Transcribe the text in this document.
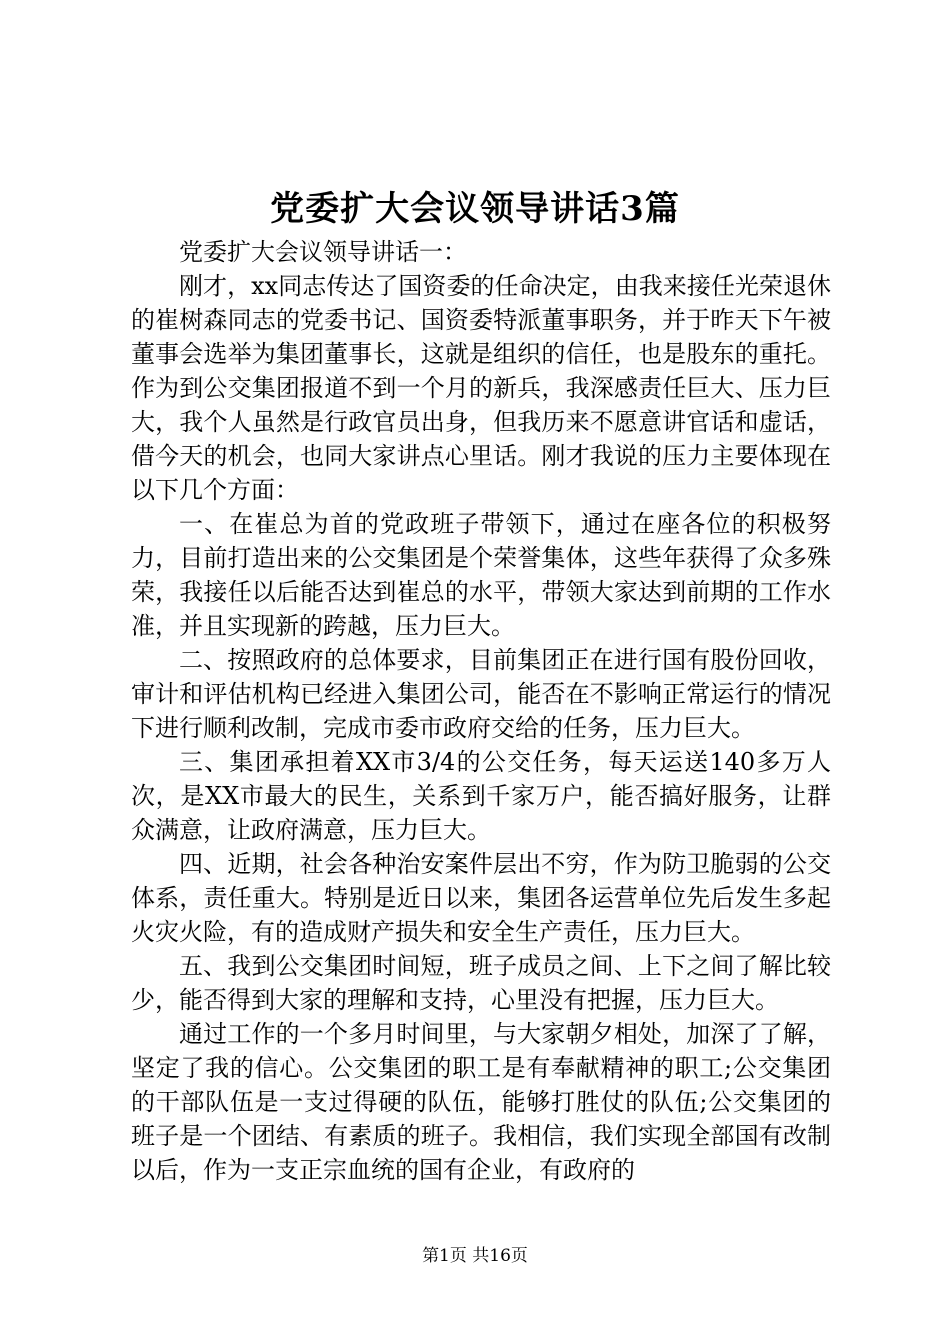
党委扩大会议领导讲话3篇

党委扩大会议领导讲话一：

刚才，xx同志传达了国资委的任命决定，由我来接任光荣退休的崔树森同志的党委书记、国资委特派董事职务，并于昨天下午被董事会选举为集团董事长，这就是组织的信任，也是股东的重托。作为到公交集团报道不到一个月的新兵，我深感责任巨大、压力巨大，我个人虽然是行政官员出身，但我历来不愿意讲官话和虚话，借今天的机会，也同大家讲点心里话。刚才我说的压力主要体现在以下几个方面：

一、在崔总为首的党政班子带领下，通过在座各位的积极努力，目前打造出来的公交集团是个荣誉集体，这些年获得了众多殊荣，我接任以后能否达到崔总的水平，带领大家达到前期的工作水准，并且实现新的跨越，压力巨大。

二、按照政府的总体要求，目前集团正在进行国有股份回收，审计和评估机构已经进入集团公司，能否在不影响正常运行的情况下进行顺利改制，完成市委市政府交给的任务，压力巨大。

三、集团承担着XX市3/4的公交任务，每天运送140多万人次，是XX市最大的民生，关系到千家万户，能否搞好服务，让群众满意，让政府满意，压力巨大。

四、近期，社会各种治安案件层出不穷，作为防卫脆弱的公交体系，责任重大。特别是近日以来，集团各运营单位先后发生多起火灾火险，有的造成财产损失和安全生产责任，压力巨大。

五、我到公交集团时间短，班子成员之间、上下之间了解比较少，能否得到大家的理解和支持，心里没有把握，压力巨大。

通过工作的一个多月时间里，与大家朝夕相处，加深了了解，坚定了我的信心。公交集团的职工是有奉献精神的职工;公交集团的干部队伍是一支过得硬的队伍，能够打胜仗的队伍;公交集团的班子是一个团结、有素质的班子。我相信，我们实现全部国有改制以后，作为一支正宗血统的国有企业，有政府的

第1页 共16页
